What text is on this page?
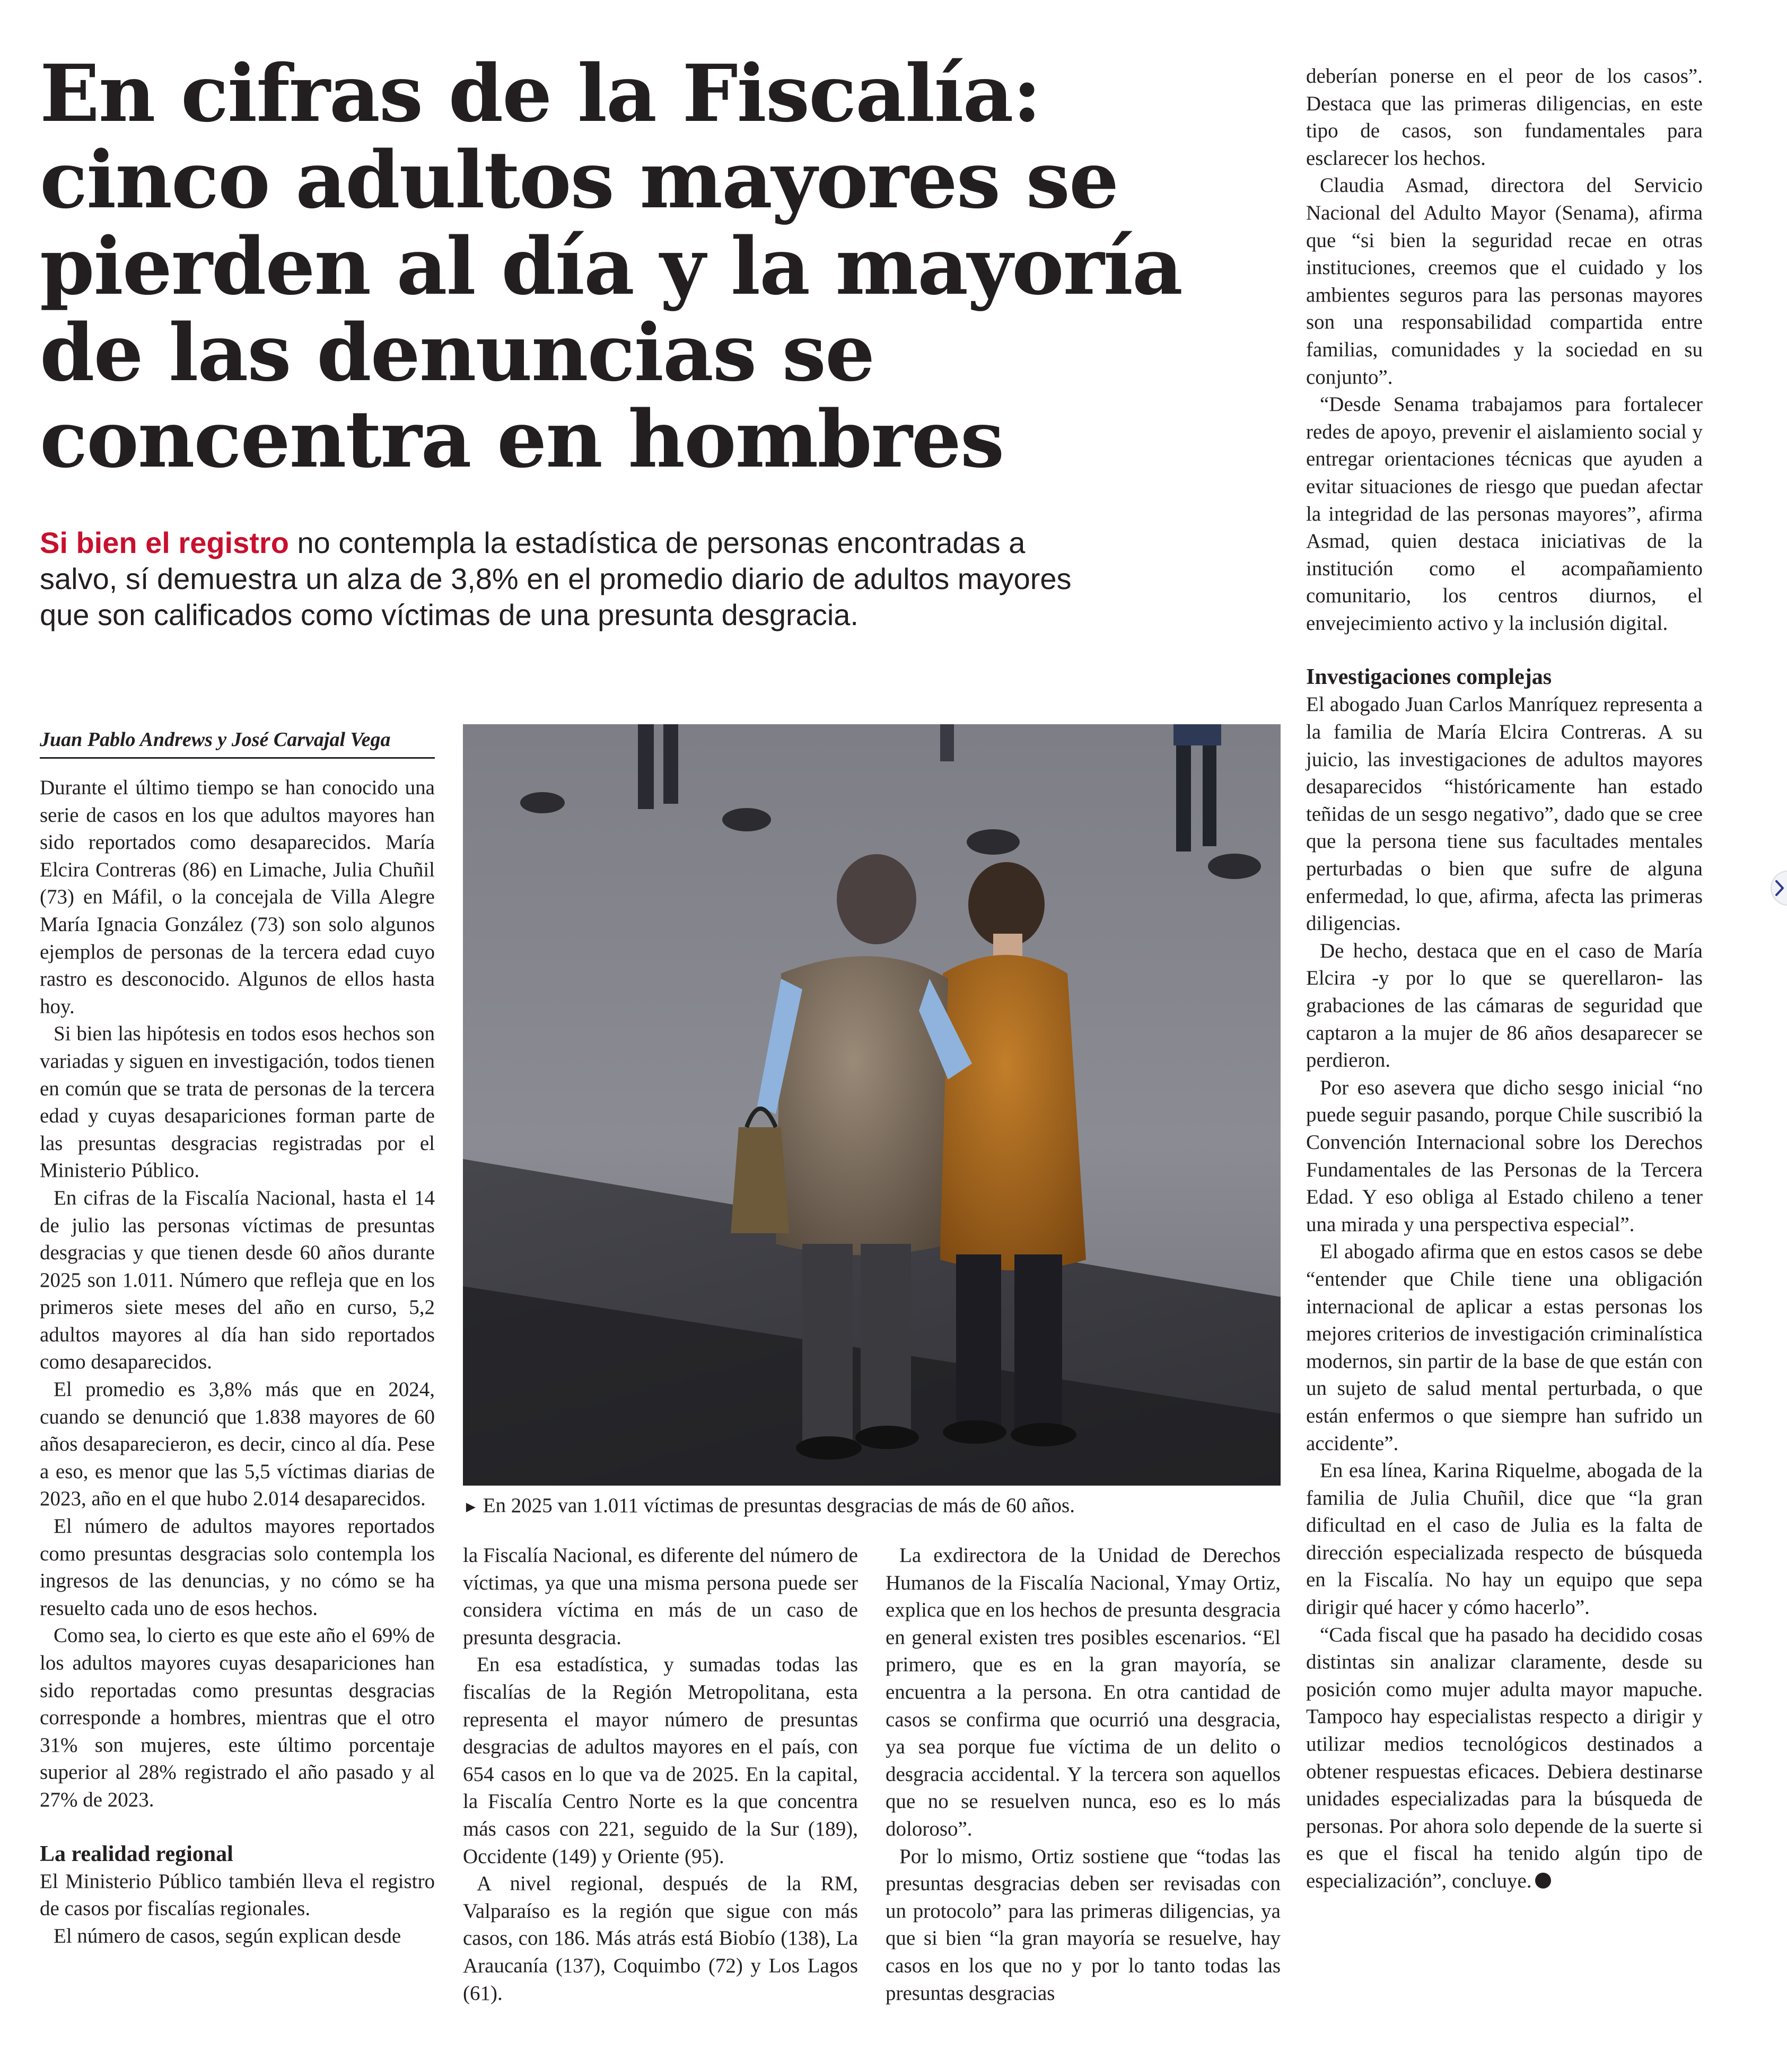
En cifras de la Fiscalía:
cinco adultos mayores se
pierden al día y la mayoría
de las denuncias se
concentra en hombres

Si bien el registro no contempla la estadística de personas encontradas a salvo, sí demuestra un alza de 3,8% en el promedio diario de adultos mayores que son calificados como víctimas de una presunta desgracia.

Juan Pablo Andrews y José Carvajal Vega

Durante el último tiempo se han conocido una serie de casos en los que adultos mayores han sido reportados como desaparecidos. María Elcira Contreras (86) en Limache, Julia Chuñil (73) en Máfil, o la concejala de Villa Alegre María Ignacia González (73) son solo algunos ejemplos de personas de la tercera edad cuyo rastro es desconocido. Algunos de ellos hasta hoy.

Si bien las hipótesis en todos esos hechos son variadas y siguen en investigación, todos tienen en común que se trata de personas de la tercera edad y cuyas desapariciones forman parte de las presuntas desgracias registradas por el Ministerio Público.

En cifras de la Fiscalía Nacional, hasta el 14 de julio las personas víctimas de presuntas desgracias y que tienen desde 60 años durante 2025 son 1.011. Número que refleja que en los primeros siete meses del año en curso, 5,2 adultos mayores al día han sido reportados como desaparecidos.

El promedio es 3,8% más que en 2024, cuando se denunció que 1.838 mayores de 60 años desaparecieron, es decir, cinco al día. Pese a eso, es menor que las 5,5 víctimas diarias de 2023, año en el que hubo 2.014 desaparecidos.

El número de adultos mayores reportados como presuntas desgracias solo contempla los ingresos de las denuncias, y no cómo se ha resuelto cada uno de esos hechos.

Como sea, lo cierto es que este año el 69% de los adultos mayores cuyas desapariciones han sido reportadas como presuntas desgracias corresponde a hombres, mientras que el otro 31% son mujeres, este último porcentaje superior al 28% registrado el año pasado y al 27% de 2023.

La realidad regional

El Ministerio Público también lleva el registro de casos por fiscalías regionales.

El número de casos, según explican desde

► En 2025 van 1.011 víctimas de presuntas desgracias de más de 60 años.

la Fiscalía Nacional, es diferente del número de víctimas, ya que una misma persona puede ser considera víctima en más de un caso de presunta desgracia.

En esa estadística, y sumadas todas las fiscalías de la Región Metropolitana, esta representa el mayor número de presuntas desgracias de adultos mayores en el país, con 654 casos en lo que va de 2025. En la capital, la Fiscalía Centro Norte es la que concentra más casos con 221, seguido de la Sur (189), Occidente (149) y Oriente (95).

A nivel regional, después de la RM, Valparaíso es la región que sigue con más casos, con 186. Más atrás está Biobío (138), La Araucanía (137), Coquimbo (72) y Los Lagos (61).

La exdirectora de la Unidad de Derechos Humanos de la Fiscalía Nacional, Ymay Ortiz, explica que en los hechos de presunta desgracia en general existen tres posibles escenarios. “El primero, que es en la gran mayoría, se encuentra a la persona. En otra cantidad de casos se confirma que ocurrió una desgracia, ya sea porque fue víctima de un delito o desgracia accidental. Y la tercera son aquellos que no se resuelven nunca, eso es lo más doloroso”.

Por lo mismo, Ortiz sostiene que “todas las presuntas desgracias deben ser revisadas con un protocolo” para las primeras diligencias, ya que si bien “la gran mayoría se resuelve, hay casos en los que no y por lo tanto todas las presuntas desgracias

deberían ponerse en el peor de los casos”. Destaca que las primeras diligencias, en este tipo de casos, son fundamentales para esclarecer los hechos.

Claudia Asmad, directora del Servicio Nacional del Adulto Mayor (Senama), afirma que “si bien la seguridad recae en otras instituciones, creemos que el cuidado y los ambientes seguros para las personas mayores son una responsabilidad compartida entre familias, comunidades y la sociedad en su conjunto”.

“Desde Senama trabajamos para fortalecer redes de apoyo, prevenir el aislamiento social y entregar orientaciones técnicas que ayuden a evitar situaciones de riesgo que puedan afectar la integridad de las personas mayores”, afirma Asmad, quien destaca iniciativas de la institución como el acompañamiento comunitario, los centros diurnos, el envejecimiento activo y la inclusión digital.

Investigaciones complejas

El abogado Juan Carlos Manríquez representa a la familia de María Elcira Contreras. A su juicio, las investigaciones de adultos mayores desaparecidos “históricamente han estado teñidas de un sesgo negativo”, dado que se cree que la persona tiene sus facultades mentales perturbadas o bien que sufre de alguna enfermedad, lo que, afirma, afecta las primeras diligencias.

De hecho, destaca que en el caso de María Elcira -y por lo que se querellaron- las grabaciones de las cámaras de seguridad que captaron a la mujer de 86 años desaparecer se perdieron.

Por eso asevera que dicho sesgo inicial “no puede seguir pasando, porque Chile suscribió la Convención Internacional sobre los Derechos Fundamentales de las Personas de la Tercera Edad. Y eso obliga al Estado chileno a tener una mirada y una perspectiva especial”.

El abogado afirma que en estos casos se debe “entender que Chile tiene una obligación internacional de aplicar a estas personas los mejores criterios de investigación criminalística modernos, sin partir de la base de que están con un sujeto de salud mental perturbada, o que están enfermos o que siempre han sufrido un accidente”.

En esa línea, Karina Riquelme, abogada de la familia de Julia Chuñil, dice que “la gran dificultad en el caso de Julia es la falta de dirección especializada respecto de búsqueda en la Fiscalía. No hay un equipo que sepa dirigir qué hacer y cómo hacerlo”.

“Cada fiscal que ha pasado ha decidido cosas distintas sin analizar claramente, desde su posición como mujer adulta mayor mapuche. Tampoco hay especialistas respecto a dirigir y utilizar medios tecnológicos destinados a obtener respuestas eficaces. Debiera destinarse unidades especializadas para la búsqueda de personas. Por ahora solo depende de la suerte si es que el fiscal ha tenido algún tipo de especialización”, concluye.
